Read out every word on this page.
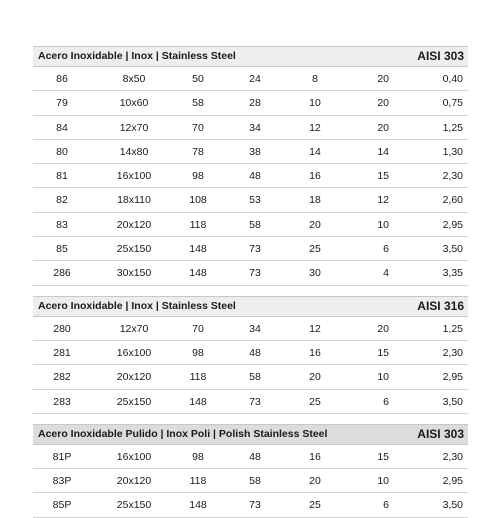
Acero Inoxidable | Inox | Stainless Steel	AISI 303
86	8x50	50	24	8	20	0,40
79	10x60	58	28	10	20	0,75
84	12x70	70	34	12	20	1,25
80	14x80	78	38	14	14	1,30
81	16x100	98	48	16	15	2,30
82	18x110	108	53	18	12	2,60
83	20x120	118	58	20	10	2,95
85	25x150	148	73	25	6	3,50
286	30x150	148	73	30	4	3,35
Acero Inoxidable | Inox | Stainless Steel	AISI 316
280	12x70	70	34	12	20	1,25
281	16x100	98	48	16	15	2,30
282	20x120	118	58	20	10	2,95
283	25x150	148	73	25	6	3,50
Acero Inoxidable Pulido | Inox Poli | Polish Stainless Steel	AISI 303
81P	16x100	98	48	16	15	2,30
83P	20x120	118	58	20	10	2,95
85P	25x150	148	73	25	6	3,50
